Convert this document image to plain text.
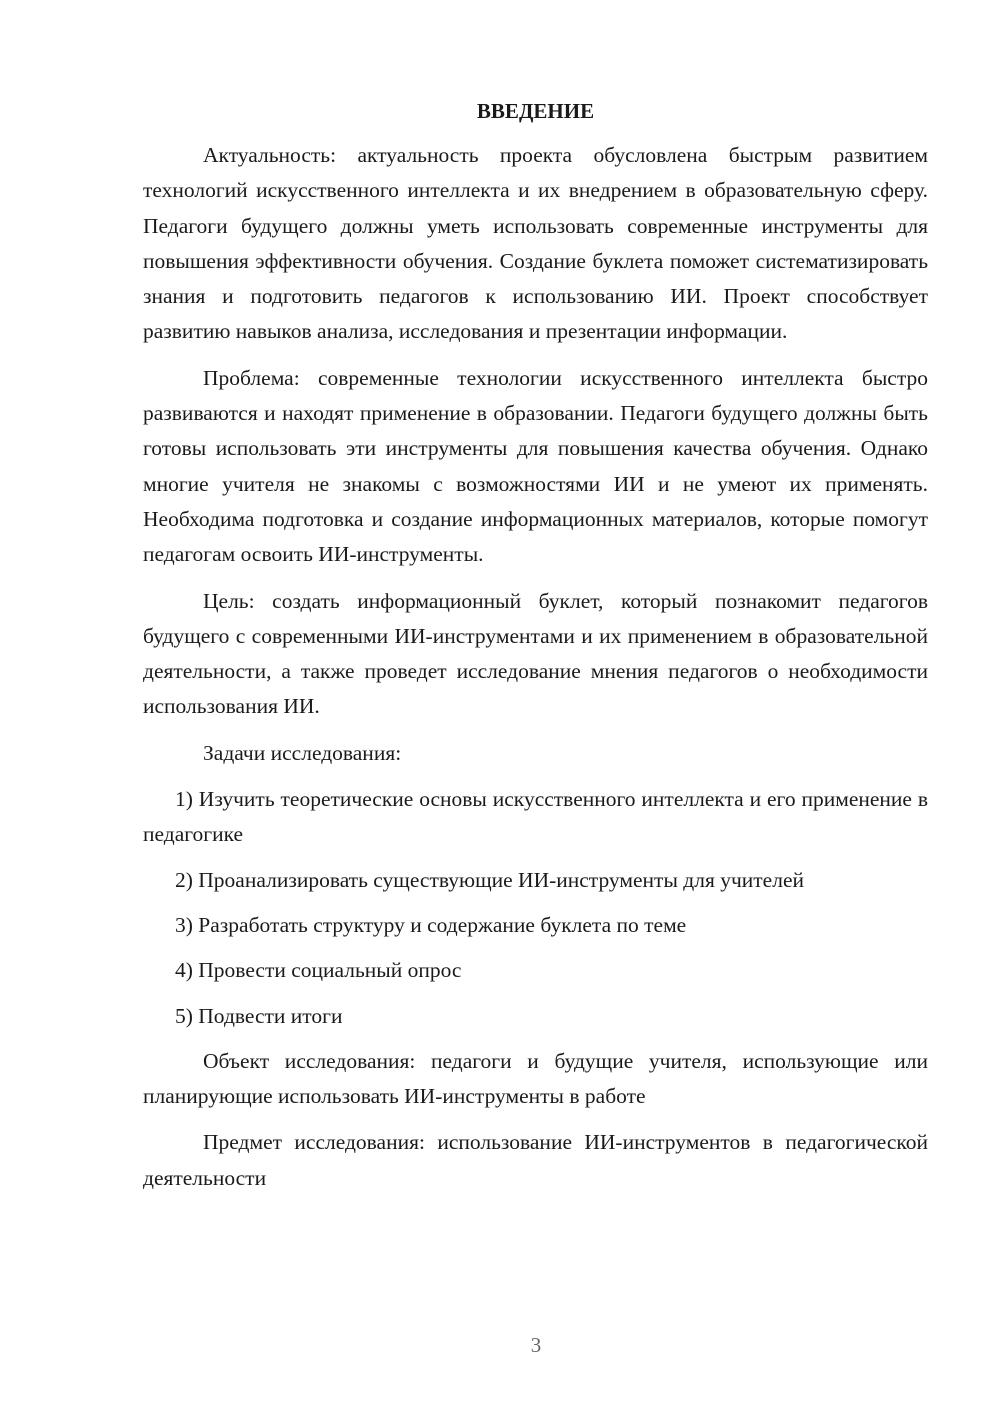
ВВЕДЕНИЕ

Актуальность: актуальность проекта обусловлена быстрым развитием технологий искусственного интеллекта и их внедрением в образовательную сферу. Педагоги будущего должны уметь использовать современные инструменты для повышения эффективности обучения. Создание буклета поможет систематизировать знания и подготовить педагогов к использованию ИИ. Проект способствует развитию навыков анализа, исследования и презентации информации.

Проблема: современные технологии искусственного интеллекта быстро развиваются и находят применение в образовании. Педагоги будущего должны быть готовы использовать эти инструменты для повышения качества обучения. Однако многие учителя не знакомы с возможностями ИИ и не умеют их применять. Необходима подготовка и создание информационных материалов, которые помогут педагогам освоить ИИ-инструменты.

Цель: создать информационный буклет, который познакомит педагогов будущего с современными ИИ-инструментами и их применением в образовательной деятельности, а также проведет исследование мнения педагогов о необходимости использования ИИ.

Задачи исследования:

1) Изучить теоретические основы искусственного интеллекта и его применение в педагогике

2) Проанализировать существующие ИИ-инструменты для учителей

3) Разработать структуру и содержание буклета по теме

4) Провести социальный опрос

5) Подвести итоги

Объект исследования: педагоги и будущие учителя, использующие или планирующие использовать ИИ-инструменты в работе

Предмет исследования: использование ИИ-инструментов в педагогической деятельности

3
